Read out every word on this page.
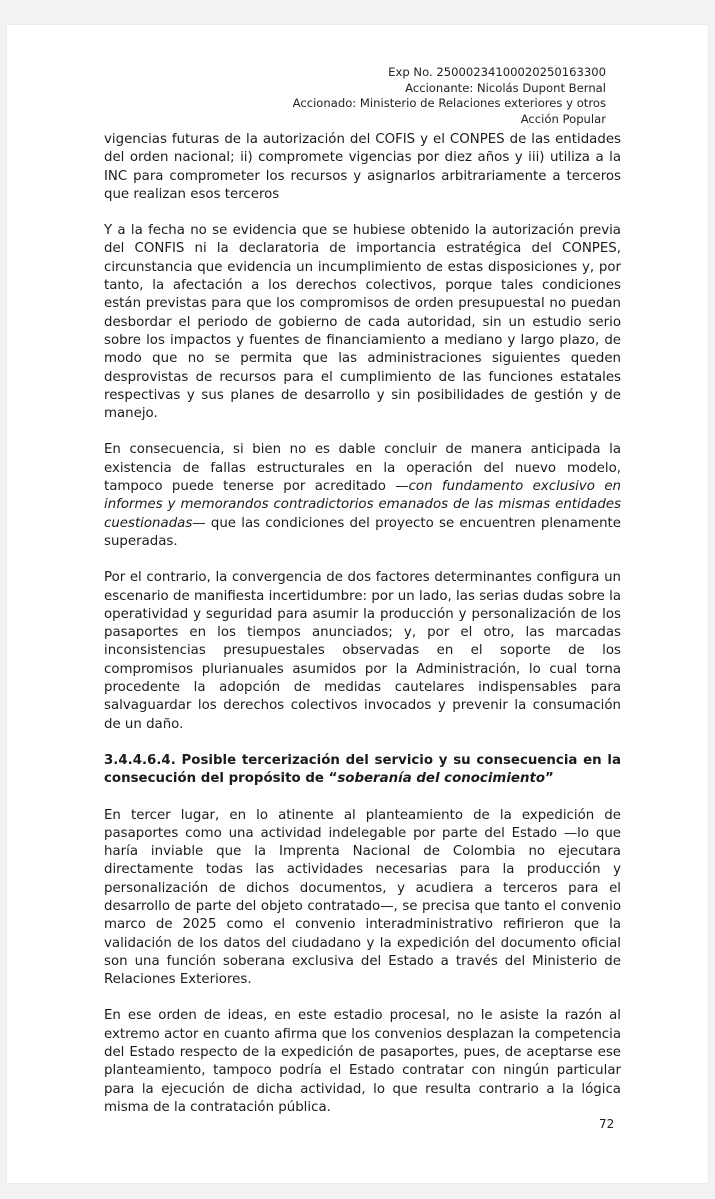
Exp No. 25000234100020250163300
Accionante: Nicolás Dupont Bernal
Accionado: Ministerio de Relaciones exteriores y otros
Acción Popular

vigencias futuras de la autorización del COFIS y el CONPES de las entidades del orden nacional; ii) compromete vigencias por diez años y iii) utiliza a la INC para comprometer los recursos y asignarlos arbitrariamente a terceros que realizan esos terceros

Y a la fecha no se evidencia que se hubiese obtenido la autorización previa del CONFIS ni la declaratoria de importancia estratégica del CONPES, circunstancia que evidencia un incumplimiento de estas disposiciones y, por tanto, la afectación a los derechos colectivos, porque tales condiciones están previstas para que los compromisos de orden presupuestal no puedan desbordar el periodo de gobierno de cada autoridad, sin un estudio serio sobre los impactos y fuentes de financiamiento a mediano y largo plazo, de modo que no se permita que las administraciones siguientes queden desprovistas de recursos para el cumplimiento de las funciones estatales respectivas y sus planes de desarrollo y sin posibilidades de gestión y de manejo.

En consecuencia, si bien no es dable concluir de manera anticipada la existencia de fallas estructurales en la operación del nuevo modelo, tampoco puede tenerse por acreditado —con fundamento exclusivo en informes y memorandos contradictorios emanados de las mismas entidades cuestionadas— que las condiciones del proyecto se encuentren plenamente superadas.

Por el contrario, la convergencia de dos factores determinantes configura un escenario de manifiesta incertidumbre: por un lado, las serias dudas sobre la operatividad y seguridad para asumir la producción y personalización de los pasaportes en los tiempos anunciados; y, por el otro, las marcadas inconsistencias presupuestales observadas en el soporte de los compromisos plurianuales asumidos por la Administración, lo cual torna procedente la adopción de medidas cautelares indispensables para salvaguardar los derechos colectivos invocados y prevenir la consumación de un daño.

3.4.4.6.4. Posible tercerización del servicio y su consecuencia en la consecución del propósito de “soberanía del conocimiento”

En tercer lugar, en lo atinente al planteamiento de la expedición de pasaportes como una actividad indelegable por parte del Estado —lo que haría inviable que la Imprenta Nacional de Colombia no ejecutara directamente todas las actividades necesarias para la producción y personalización de dichos documentos, y acudiera a terceros para el desarrollo de parte del objeto contratado—, se precisa que tanto el convenio marco de 2025 como el convenio interadministrativo refirieron que la validación de los datos del ciudadano y la expedición del documento oficial son una función soberana exclusiva del Estado a través del Ministerio de Relaciones Exteriores.

En ese orden de ideas, en este estadio procesal, no le asiste la razón al extremo actor en cuanto afirma que los convenios desplazan la competencia del Estado respecto de la expedición de pasaportes, pues, de aceptarse ese planteamiento, tampoco podría el Estado contratar con ningún particular para la ejecución de dicha actividad, lo que resulta contrario a la lógica misma de la contratación pública.

72
